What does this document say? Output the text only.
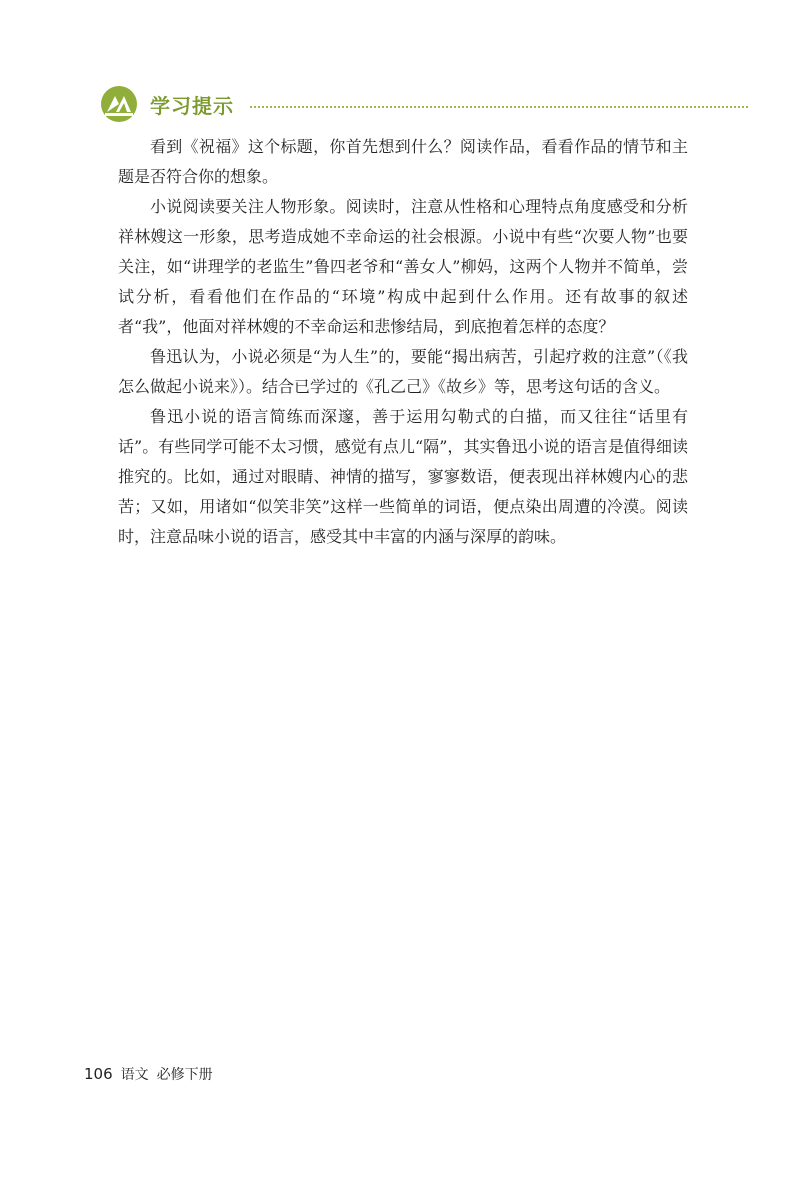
学习提示

看到《祝福》这个标题，你首先想到什么？阅读作品，看看作品的情节和主题是否符合你的想象。

小说阅读要关注人物形象。阅读时，注意从性格和心理特点角度感受和分析祥林嫂这一形象，思考造成她不幸命运的社会根源。小说中有些“次要人物”也要关注，如“讲理学的老监生”鲁四老爷和“善女人”柳妈，这两个人物并不简单，尝试分析，看看他们在作品的“环境”构成中起到什么作用。还有故事的叙述者“我”，他面对祥林嫂的不幸命运和悲惨结局，到底抱着怎样的态度？

鲁迅认为，小说必须是“为人生”的，要能“揭出病苦，引起疗救的注意”（《我怎么做起小说来》）。结合已学过的《孔乙己》《故乡》等，思考这句话的含义。

鲁迅小说的语言简练而深邃，善于运用勾勒式的白描，而又往往“话里有话”。有些同学可能不太习惯，感觉有点儿“隔”，其实鲁迅小说的语言是值得细读推究的。比如，通过对眼睛、神情的描写，寥寥数语，便表现出祥林嫂内心的悲苦；又如，用诸如“似笑非笑”这样一些简单的词语，便点染出周遭的冷漠。阅读时，注意品味小说的语言，感受其中丰富的内涵与深厚的韵味。

106 语文 必修下册
